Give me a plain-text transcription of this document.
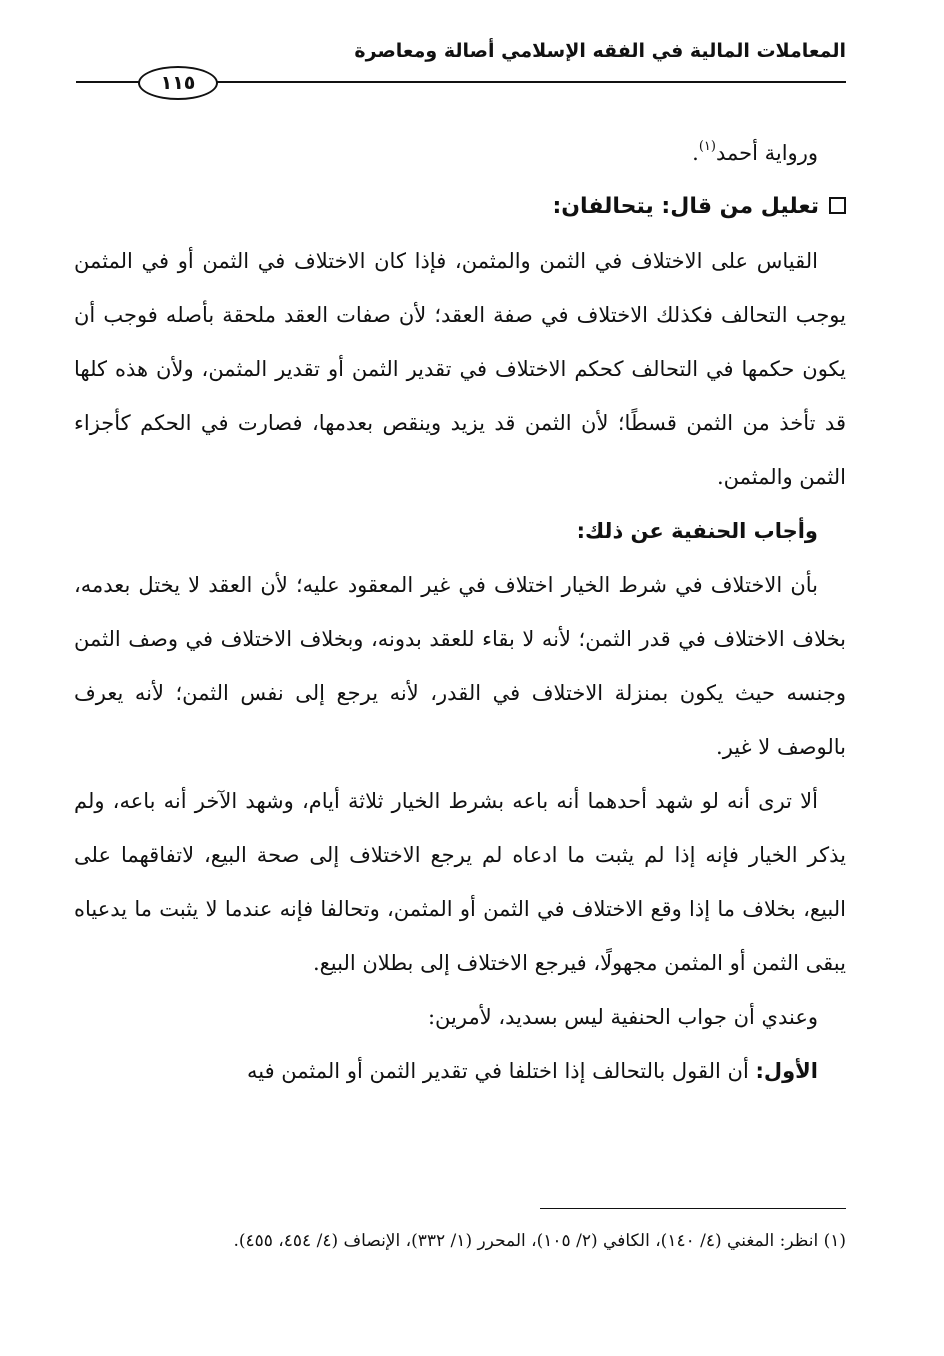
المعاملات المالية في الفقه الإسلامي أصالة ومعاصرة
١١٥

ورواية أحمد$^{(١)}$.

تعليل من قال: يتحالفان:

القياس على الاختلاف في الثمن والمثمن، فإذا كان الاختلاف في الثمن أو في المثمن يوجب التحالف فكذلك الاختلاف في صفة العقد؛ لأن صفات العقد ملحقة بأصله فوجب أن يكون حكمها في التحالف كحكم الاختلاف في تقدير الثمن أو تقدير المثمن، ولأن هذه كلها قد تأخذ من الثمن قسطًا؛ لأن الثمن قد يزيد وينقص بعدمها، فصارت في الحكم كأجزاء الثمن والمثمن.

وأجاب الحنفية عن ذلك:

بأن الاختلاف في شرط الخيار اختلاف في غير المعقود عليه؛ لأن العقد لا يختل بعدمه، بخلاف الاختلاف في قدر الثمن؛ لأنه لا بقاء للعقد بدونه، وبخلاف الاختلاف في وصف الثمن وجنسه حيث يكون بمنزلة الاختلاف في القدر، لأنه يرجع إلى نفس الثمن؛ لأنه يعرف بالوصف لا غير.

ألا ترى أنه لو شهد أحدهما أنه باعه بشرط الخيار ثلاثة أيام، وشهد الآخر أنه باعه، ولم يذكر الخيار فإنه إذا لم يثبت ما ادعاه لم يرجع الاختلاف إلى صحة البيع، لاتفاقهما على البيع، بخلاف ما إذا وقع الاختلاف في الثمن أو المثمن، وتحالفا فإنه عندما لا يثبت ما يدعياه يبقى الثمن أو المثمن مجهولًا، فيرجع الاختلاف إلى بطلان البيع.

وعندي أن جواب الحنفية ليس بسديد، لأمرين:

الأول: أن القول بالتحالف إذا اختلفا في تقدير الثمن أو المثمن فيه

(١) انظر: المغني (٤/ ١٤٠)، الكافي (٢/ ١٠٥)، المحرر (١/ ٣٣٢)، الإنصاف (٤/ ٤٥٤، ٤٥٥).
